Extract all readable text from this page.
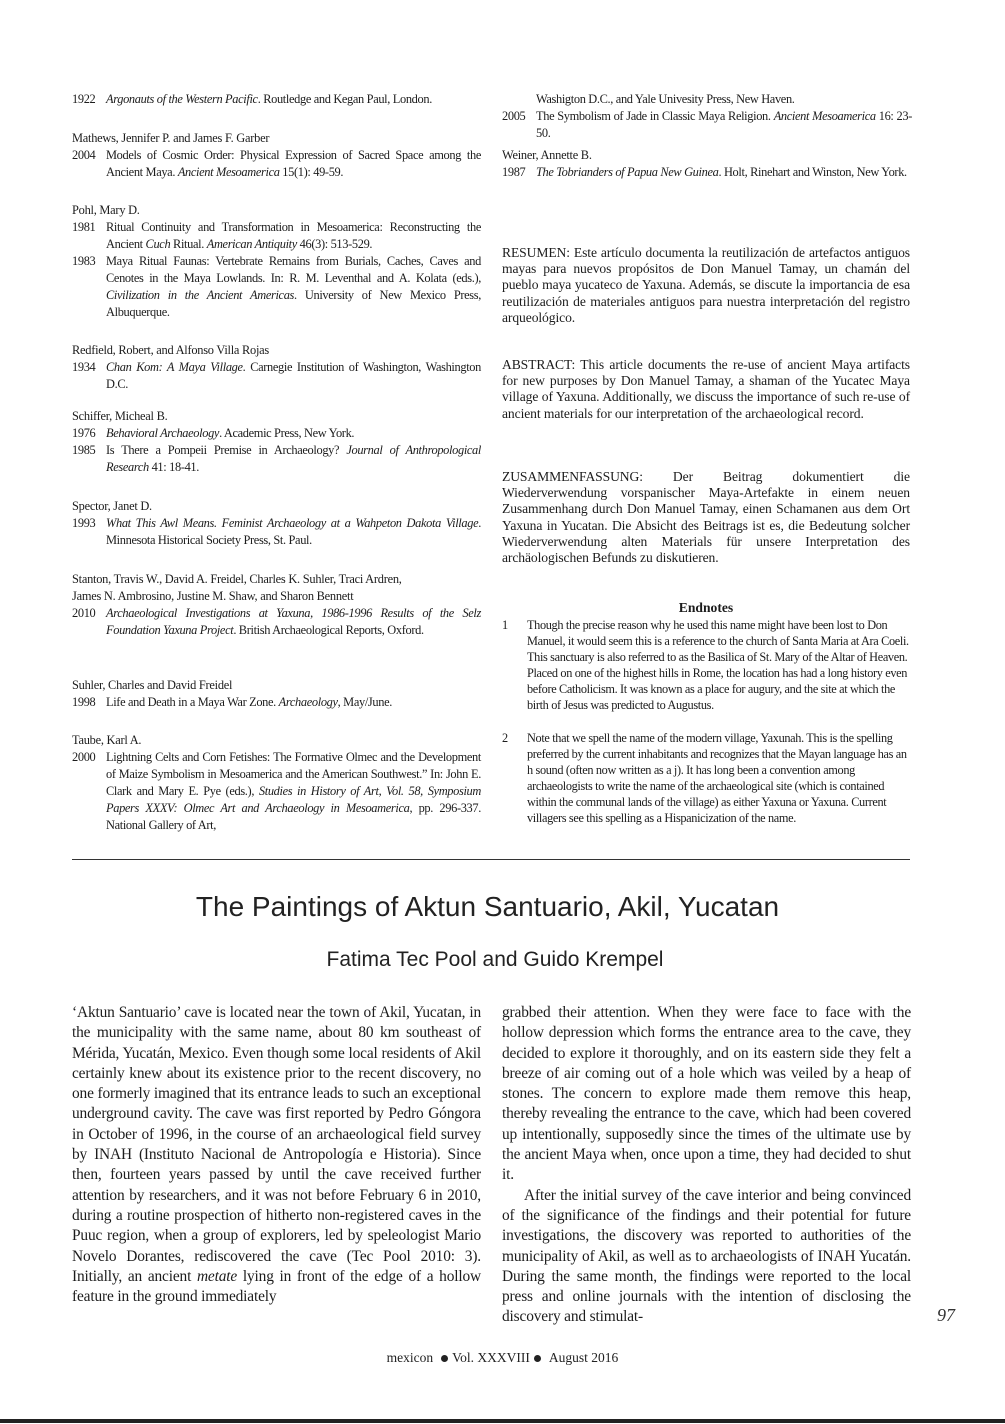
1922 Argonauts of the Western Pacific. Routledge and Kegan Paul, London.
Mathews, Jennifer P. and James F. Garber
2004 Models of Cosmic Order: Physical Expression of Sacred Space among the Ancient Maya. Ancient Mesoamerica 15(1): 49-59.
Pohl, Mary D.
1981 Ritual Continuity and Transformation in Mesoamerica: Reconstructing the Ancient Cuch Ritual. American Antiquity 46(3): 513-529.
1983 Maya Ritual Faunas: Vertebrate Remains from Burials, Caches, Caves and Cenotes in the Maya Lowlands. In: R. M. Leventhal and A. Kolata (eds.), Civilization in the Ancient Americas. University of New Mexico Press, Albuquerque.
Redfield, Robert, and Alfonso Villa Rojas
1934 Chan Kom: A Maya Village. Carnegie Institution of Washington, Washington D.C.
Schiffer, Micheal B.
1976 Behavioral Archaeology. Academic Press, New York.
1985 Is There a Pompeii Premise in Archaeology? Journal of Anthropological Research 41: 18-41.
Spector, Janet D.
1993 What This Awl Means. Feminist Archaeology at a Wahpeton Dakota Village. Minnesota Historical Society Press, St. Paul.
Stanton, Travis W., David A. Freidel, Charles K. Suhler, Traci Ardren,
James N. Ambrosino, Justine M. Shaw, and Sharon Bennett
2010 Archaeological Investigations at Yaxuna, 1986-1996 Results of the Selz Foundation Yaxuna Project. British Archaeological Reports, Oxford.
Suhler, Charles and David Freidel
1998 Life and Death in a Maya War Zone. Archaeology, May/June.
Taube, Karl A.
2000 Lightning Celts and Corn Fetishes: The Formative Olmec and the Development of Maize Symbolism in Mesoamerica and the American Southwest.” In: John E. Clark and Mary E. Pye (eds.), Studies in History of Art, Vol. 58, Symposium Papers XXXV: Olmec Art and Archaeology in Mesoamerica, pp. 296-337. National Gallery of Art,
Washigton D.C., and Yale Univesity Press, New Haven.
2005 The Symbolism of Jade in Classic Maya Religion. Ancient Mesoamerica 16: 23-50.
Weiner, Annette B.
1987 The Tobrianders of Papua New Guinea. Holt, Rinehart and Winston, New York.
RESUMEN: Este artículo documenta la reutilización de artefactos antiguos mayas para nuevos propósitos de Don Manuel Tamay, un chamán del pueblo maya yucateco de Yaxuna. Además, se discute la importancia de esa reutilización de materiales antiguos para nuestra interpretación del registro arqueológico.
ABSTRACT: This article documents the re-use of ancient Maya artifacts for new purposes by Don Manuel Tamay, a shaman of the Yucatec Maya village of Yaxuna. Additionally, we discuss the importance of such re-use of ancient materials for our interpretation of the archaeological record.
ZUSAMMENFASSUNG: Der Beitrag dokumentiert die Wiederverwendung vorspanischer Maya-Artefakte in einem neuen Zusammenhang durch Don Manuel Tamay, einen Schamanen aus dem Ort Yaxuna in Yucatan. Die Absicht des Beitrags ist es, die Bedeutung solcher Wiederverwendung alten Materials für unsere Interpretation des archäologischen Befunds zu diskutieren.
Endnotes
1	Though the precise reason why he used this name might have been lost to Don Manuel, it would seem this is a reference to the church of Santa Maria at Ara Coeli. This sanctuary is also referred to as the Basilica of St. Mary of the Altar of Heaven. Placed on one of the highest hills in Rome, the location has had a long history even before Catholicism. It was known as a place for augury, and the site at which the birth of Jesus was predicted to Augustus.
2	Note that we spell the name of the modern village, Yaxunah. This is the spelling preferred by the current inhabitants and recognizes that the Mayan language has an h sound (often now written as a j). It has long been a convention among archaeologists to write the name of the archaeological site (which is contained within the communal lands of the village) as either Yaxuna or Yaxuna. Current villagers see this spelling as a Hispanicization of the name.
The Paintings of Aktun Santuario, Akil, Yucatan
Fatima Tec Pool and Guido Krempel

‘Aktun Santuario’ cave is located near the town of Akil, Yucatan, in the municipality with the same name, about 80 km southeast of Mérida, Yucatán, Mexico. Even though some local residents of Akil certainly knew about its existence prior to the recent discovery, no one formerly imagined that its entrance leads to such an exceptional underground cavity. The cave was first reported by Pedro Góngora in October of 1996, in the course of an archaeological field survey by INAH (Instituto Nacional de Antropología e Historia). Since then, fourteen years passed by until the cave received further attention by researchers, and it was not before February 6 in 2010, during a routine prospection of hitherto non-registered caves in the Puuc region, when a group of explorers, led by speleologist Mario Novelo Dorantes, rediscovered the cave (Tec Pool 2010: 3). Initially, an ancient metate lying in front of the edge of a hollow feature in the ground immediately

grabbed their attention. When they were face to face with the hollow depression which forms the entrance area to the cave, they decided to explore it thoroughly, and on its eastern side they felt a breeze of air coming out of a hole which was veiled by a heap of stones. The concern to explore made them remove this heap, thereby revealing the entrance to the cave, which had been covered up intentionally, supposedly since the times of the ultimate use by the ancient Maya when, once upon a time, they had decided to shut it.

After the initial survey of the cave interior and being convinced of the significance of the findings and their potential for future investigations, the discovery was reported to authorities of the municipality of Akil, as well as to archaeologists of INAH Yucatán. During the same month, the findings were reported to the local press and online journals with the intention of disclosing the discovery and stimulat-	97
mexicon Vol. XXXVIII August 2016
